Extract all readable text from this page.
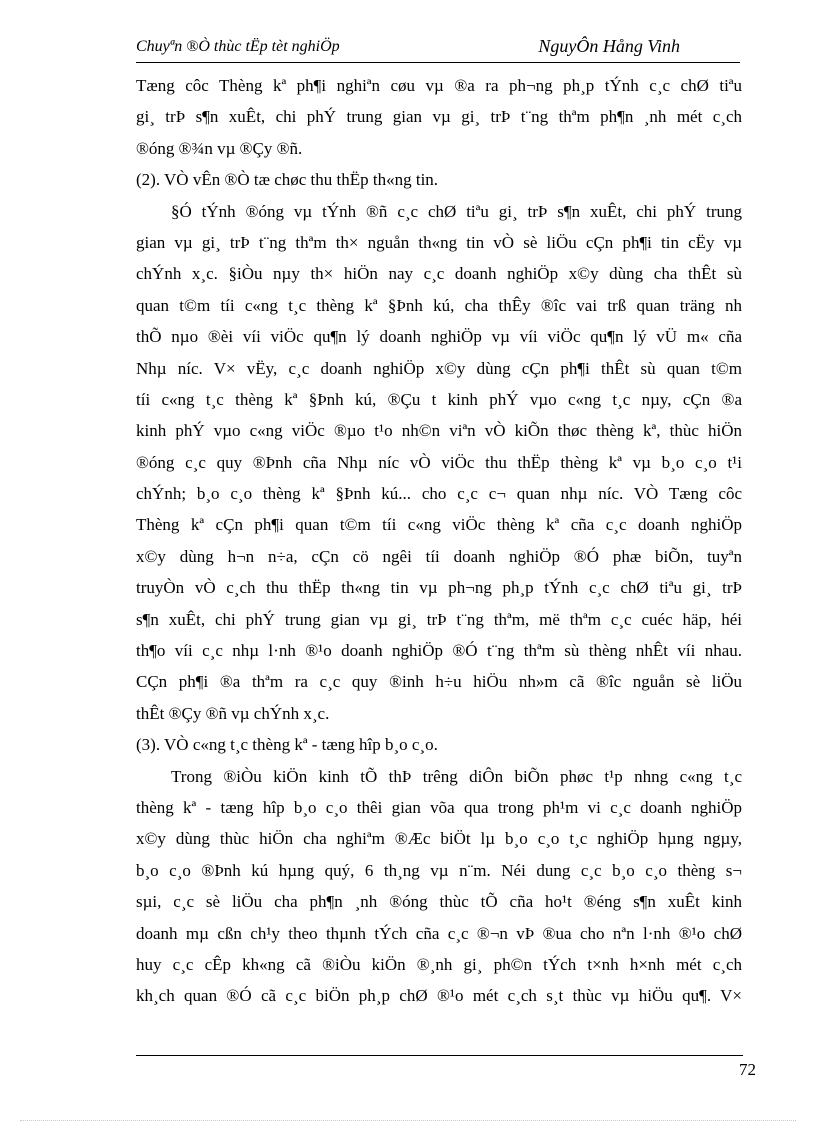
Chuyªn ®Ò thùc tËp tèt nghiÖp	NguyÔn Hång Vinh
Tæng côc Thèng kª ph¶i nghiªn cøu vµ ®a ra ph¬ng ph¸p tÝnh c¸c chØ tiªu
gi¸ trÞ s¶n xuÊt, chi phÝ trung gian vµ gi¸ trÞ t¨ng thªm ph¶n ¸nh mét c¸ch
®óng ®¾n vµ ®Çy ®ñ.
(2). VÒ vÊn ®Ò tæ chøc thu thËp th«ng tin.
§Ó tÝnh ®óng vµ tÝnh ®ñ c¸c chØ tiªu gi¸ trÞ s¶n xuÊt, chi phÝ trung
gian vµ gi¸ trÞ t¨ng thªm th× nguån th«ng tin vÒ sè liÖu cÇn ph¶i tin cËy vµ
chÝnh x¸c. §iÒu nµy th× hiÖn nay c¸c doanh nghiÖp x©y dùng cha thÊt sù
quan t©m tíi c«ng t¸c thèng kª §Þnh kú, cha thÊy ®îc vai trß quan träng nh
thÕ nµo ®èi víi viÖc qu¶n lý doanh nghiÖp vµ víi viÖc qu¶n lý vÜ m« cña
Nhµ níc. V× vËy, c¸c doanh nghiÖp x©y dùng cÇn ph¶i thÊt sù quan t©m
tíi c«ng t¸c thèng kª §Þnh kú, ®Çu t kinh phÝ vµo c«ng t¸c nµy, cÇn ®a
kinh phÝ vµo c«ng viÖc ®µo t¹o nh©n viªn vÒ kiÕn thøc thèng kª, thùc hiÖn
®óng c¸c quy ®Þnh cña Nhµ níc vÒ viÖc thu thËp thèng kª vµ b¸o c¸o t¹i
chÝnh; b¸o c¸o thèng kª §Þnh kú... cho c¸c c¬ quan nhµ níc. VÒ Tæng côc
Thèng kª cÇn ph¶i quan t©m tíi c«ng viÖc thèng kª cña c¸c doanh nghiÖp
x©y dùng h¬n n÷a, cÇn cö ngêi tíi doanh nghiÖp ®Ó phæ biÕn, tuyªn
truyÒn vÒ c¸ch thu thËp th«ng tin vµ ph¬ng ph¸p tÝnh c¸c chØ tiªu gi¸ trÞ
s¶n xuÊt, chi phÝ trung gian vµ gi¸ trÞ t¨ng thªm, më thªm c¸c cuéc häp, héi
th¶o víi c¸c nhµ l·nh ®¹o doanh nghiÖp ®Ó t¨ng thªm sù thèng nhÊt víi nhau.
CÇn ph¶i ®a thªm ra c¸c quy ®inh h÷u hiÖu nh»m cã ®îc nguån sè liÖu
thÊt ®Çy ®ñ vµ chÝnh x¸c.
(3). VÒ c«ng t¸c thèng kª - tæng hîp b¸o c¸o.
Trong ®iÒu kiÖn kinh tÕ thÞ trêng diÔn biÕn phøc t¹p nhng c«ng t¸c
thèng kª - tæng hîp b¸o c¸o thêi gian võa qua trong ph¹m vi c¸c doanh nghiÖp
x©y dùng thùc hiÖn cha nghiªm ®Æc biÖt lµ b¸o c¸o t¸c nghiÖp hµng ngµy,
b¸o c¸o ®Þnh kú hµng quý, 6 th¸ng vµ n¨m. Néi dung c¸c b¸o c¸o thèng s¬
sµi, c¸c sè liÖu cha ph¶n ¸nh ®óng thùc tÕ cña ho¹t ®éng s¶n xuÊt kinh
doanh mµ cßn ch¹y theo thµnh tÝch cña c¸c ®¬n vÞ ®ua cho nªn l·nh ®¹o chØ
huy c¸c cÊp kh«ng cã ®iÒu kiÖn ®¸nh gi¸ ph©n tÝch t×nh h×nh mét c¸ch
kh¸ch quan ®Ó cã c¸c biÖn ph¸p chØ ®¹o mét c¸ch s¸t thùc vµ hiÖu qu¶. V×
72
